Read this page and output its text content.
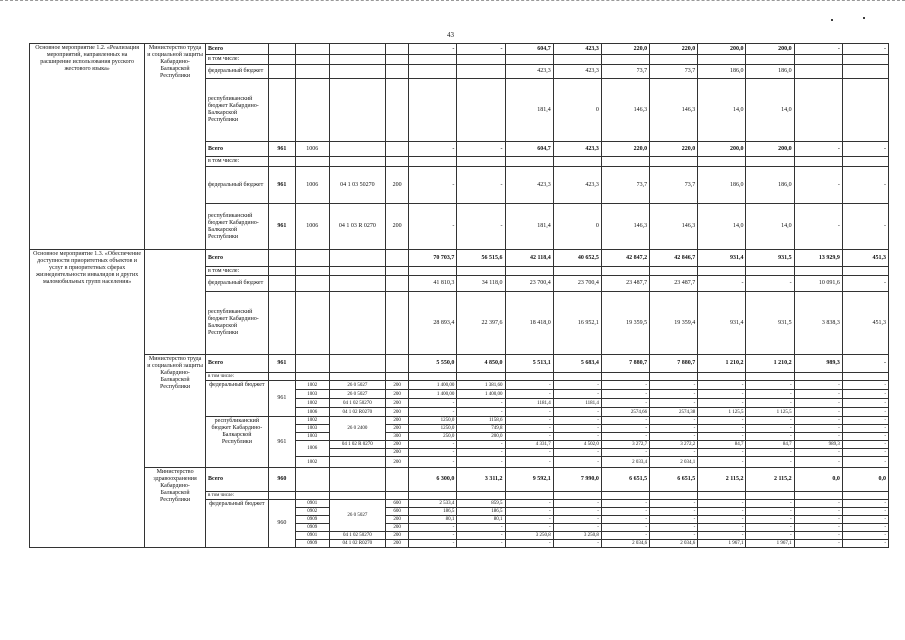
43
Основное мероприятие 1.2. «Реализация мероприятий, направленных на расширение использования русского жестового языка»	Министерство труда и социальной защиты Кабардино-Балкарской Республики	Всего					-	-	604,7	423,3	220,0	220,0	200,0	200,0	-	-
		в том числе:														
		федеральный бюджет							423,3	423,3	73,7	73,7	186,0	186,0		
		республиканский бюджет Кабардино-Балкарской Республики							181,4	0	146,3	146,3	14,0	14,0		
		Всего	961	1006			-	-	604,7	423,3	220,0	220,0	200,0	200,0	-	-
		в том числе:														
		федеральный бюджет	961	1006	04 1 03 50270	200	-	-	423,3	423,3	73,7	73,7	186,0	186,0	-	-
		республиканский бюджет Кабардино-Балкарской Республики	961	1006	04 1 03 R 0270	200	-	-	181,4	0	146,3	146,3	14,0	14,0	-	-
Основное мероприятие 1.3. «Обеспечение доступности приоритетных объектов и услуг в приоритетных сферах жизнедеятельности инвалидов и других маломобильных групп населения»		Всего					70 703,7	56 515,6	42 118,4	40 652,5	42 847,2	42 846,7	931,4	931,5	13 929,9	451,3
		в том числе:														
		федеральный бюджет					41 810,3	34 118,0	23 700,4	23 700,4	23 487,7	23 487,7	-	-	10 091,6	-
		республиканский бюджет Кабардино-Балкарской Республики					28 893,4	22 397,6	18 418,0	16 952,1	19 359,5	19 359,4	931,4	931,5	3 838,3	451,3
	Министерство труда и социальной защиты Кабардино-Балкарской Республики	Всего	961				5 550,0	4 850,0	5 513,1	5 683,4	7 880,7	7 880,7	1 210,2	1 210,2	989,3	-
		в том числе:														
		федеральный бюджет	961	1002	26 0 5027	200	1 400,00	1 381,60	-	-	-	-	-	-	-	-
				1003	26 0 5027	200	1 400,00	1 400,00	-	-	-	-	-	-	-	-
				1002	04 1 02 50270	200	-	-	1181,4	1181,4	-	-	-	-	-	-
				1006	04 1 02 R0270	200	-	-	-	-	2574,66	2574,38	1 125,5	1 125,5	-	-
		республиканский бюджет Кабардино-Балкарской Республики	961	1002	26 0 2400	200	1250,0	1158,6	-	-	-	-	-	-	-	-
				1003		200	1250,0	749,8	-	-	-	-	-	-	-	-
				1003		300	250,0	200,0	-	-	-	-	-	-	-	-
				1006	04 1 02 R 0270	200	-	-	4 331,7	4 502,0	3 272,7	3 272,2	84,7	84,7	989,3	-
						200	-	-	-	-	-	-	-	-	-	-
				1002		200	-	-	-	-	2 033,4	2 034,1	-	-	-	-
	Министерство здравоохранения Кабардино-Балкарской Республики	Всего	960				6 300,0	3 311,2	9 592,1	7 990,0	6 651,5	6 651,5	2 115,2	2 115,2	0,0	0,0
		в том числе:														
		федеральный бюджет	960	0901	26 0 5027	600	2 533,4	859,5	-	-	-	-	-	-	-	-
				0902		600	186,5	186,5	-	-	-	-	-	-	-	-
				0909		200	80,1	80,1	-	-	-	-	-	-	-	-
				0909		200	-	-	-	-	-	-	-	-	-	-
				0901	04 1 02 50270	200	-	-	3 250,8	3 250,8	-	-	-	-	-	-
				0909	04 1 02 R0270	200	-	-	-	-	2 034,6	2 034,6	1 967,1	1 967,1	-	-
